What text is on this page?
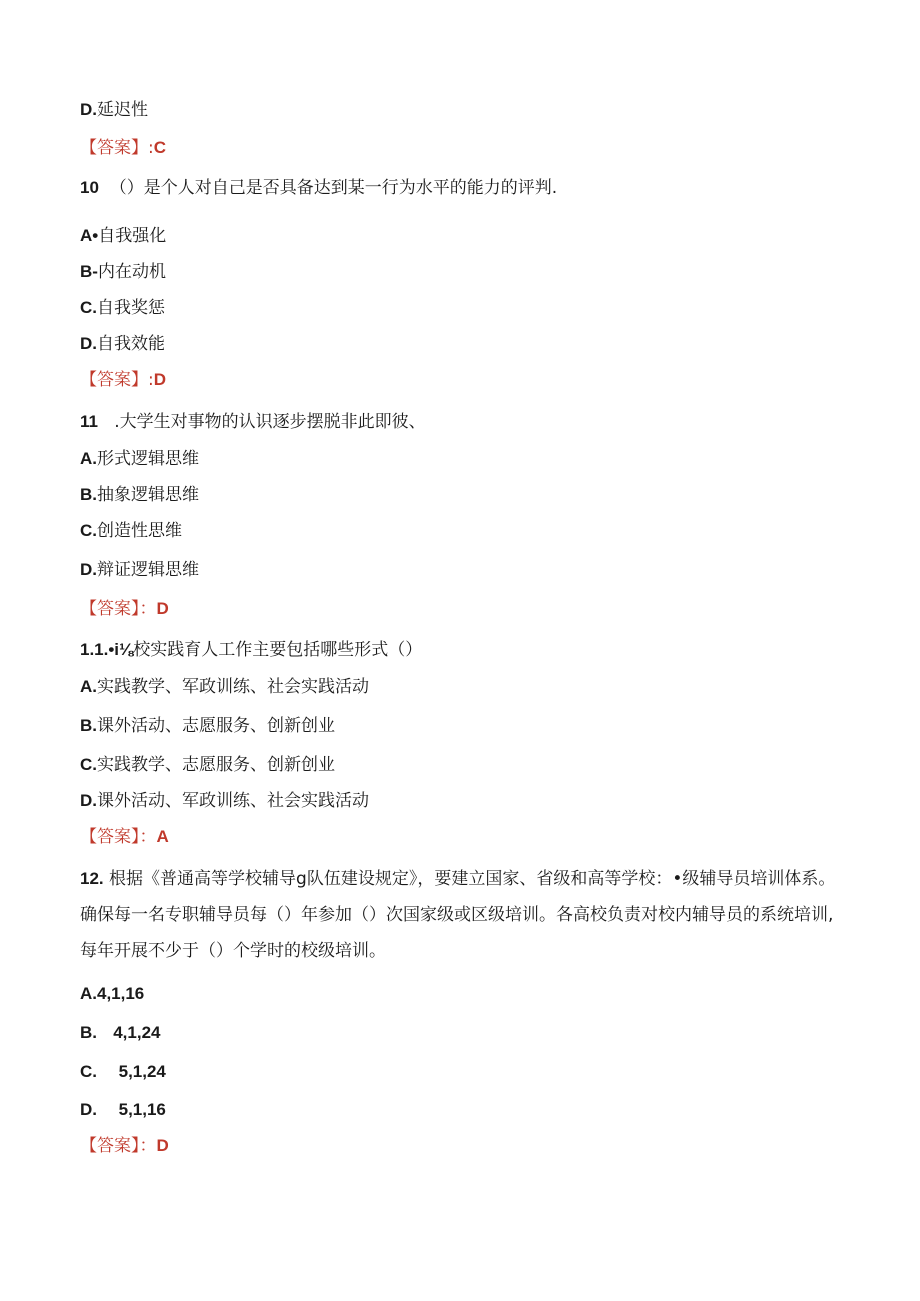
D.延迟性
【答案】:C
10 （）是个人对自己是否具备达到某一行为水平的能力的评判.
A•自我强化
B-内在动机
C.自我奖惩
D.自我效能
【答案】:D
11 .大学生对事物的认识逐步摆脱非此即彼、
A.形式逻辑思维
B.抽象逻辑思维
C.创造性思维
D.辩证逻辑思维
【答案】：D
1.1.•i⅛校实践育人工作主要包括哪些形式（）
A.实践教学、军政训练、社会实践活动
B.课外活动、志愿服务、创新创业
C.实践教学、志愿服务、创新创业
D.课外活动、军政训练、社会实践活动
【答案】：A
12. 根据《普通高等学校辅导g队伍建设规定》，要建立国家、省级和高等学校：•级辅导员培训体系。确保每一名专职辅导员每（）年参加（）次国家级或区级培训。各高校负责对校内辅导员的系统培训,每年开展不少于（）个学时的校级培训。
A.4,1,16
B. 4,1,24
C. 5,1,24
D. 5,1,16
【答案】：D
